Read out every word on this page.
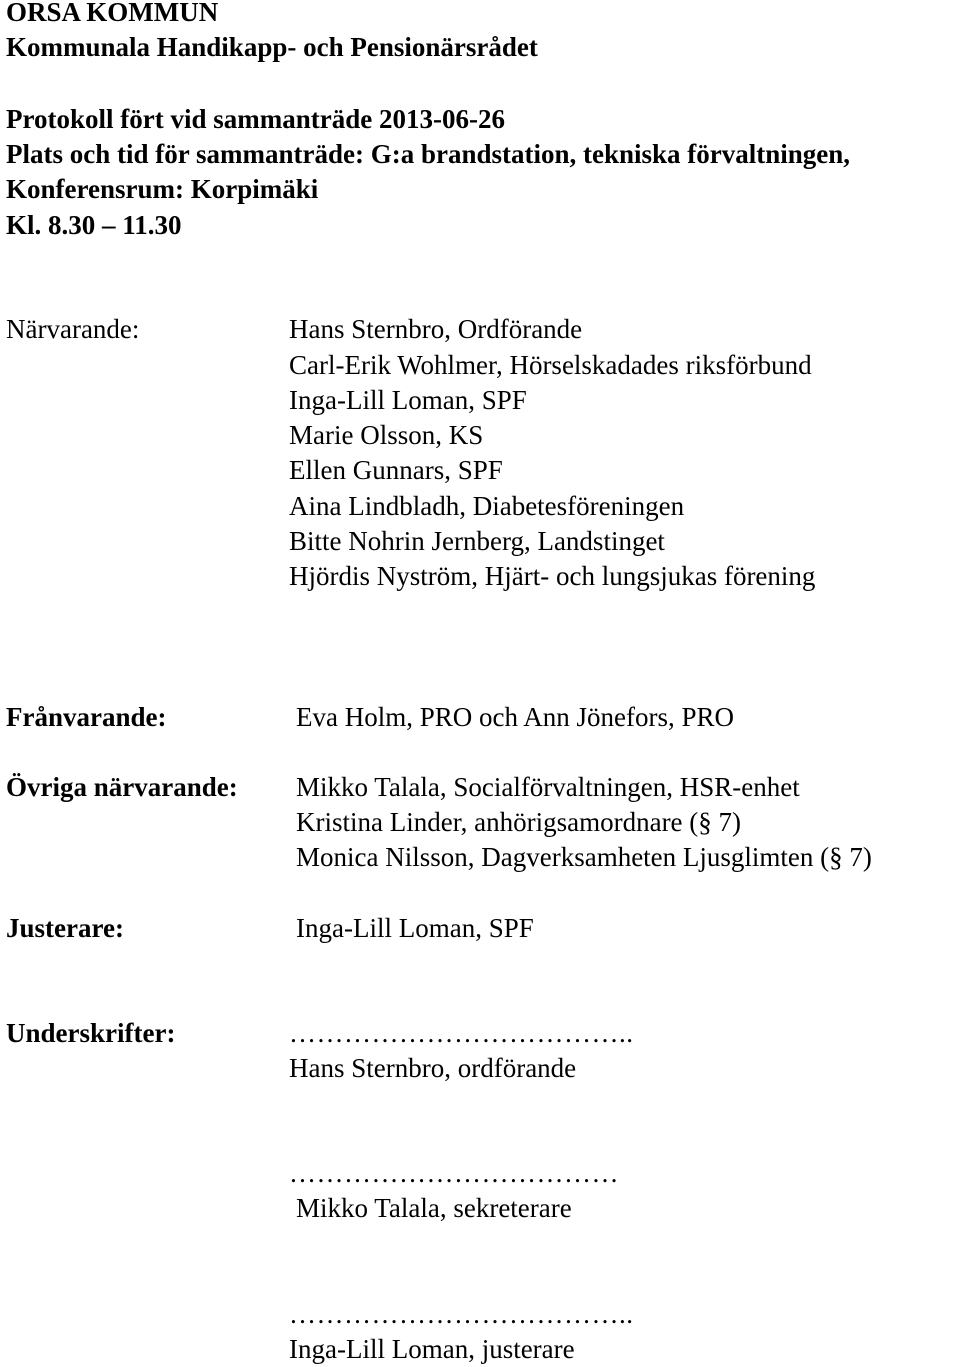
ORSA KOMMUN
Kommunala Handikapp- och Pensionärsrådet
Protokoll fört vid sammanträde 2013-06-26
Plats och tid för sammanträde: G:a brandstation, tekniska förvaltningen,
Konferensrum: Korpimäki
Kl. 8.30 – 11.30
Närvarande:	Hans Sternbro, Ordförande
Carl-Erik Wohlmer, Hörselskadades riksförbund
Inga-Lill Loman, SPF
Marie Olsson, KS
Ellen Gunnars, SPF
Aina Lindbladh, Diabetesföreningen
Bitte Nohrin Jernberg, Landstinget
Hjördis Nyström, Hjärt- och lungsjukas förening
Frånvarande:	Eva Holm, PRO och Ann Jönefors, PRO
Övriga närvarande: Mikko Talala, Socialförvaltningen, HSR-enhet
Kristina Linder, anhörigsamordnare (§ 7)
Monica Nilsson, Dagverksamheten Ljusglimten (§ 7)
Justerare:	Inga-Lill Loman, SPF
Underskrifter:	………………………………..
Hans Sternbro, ordförande
………………………………
Mikko Talala, sekreterare
………………………………..
Inga-Lill Loman, justerare
